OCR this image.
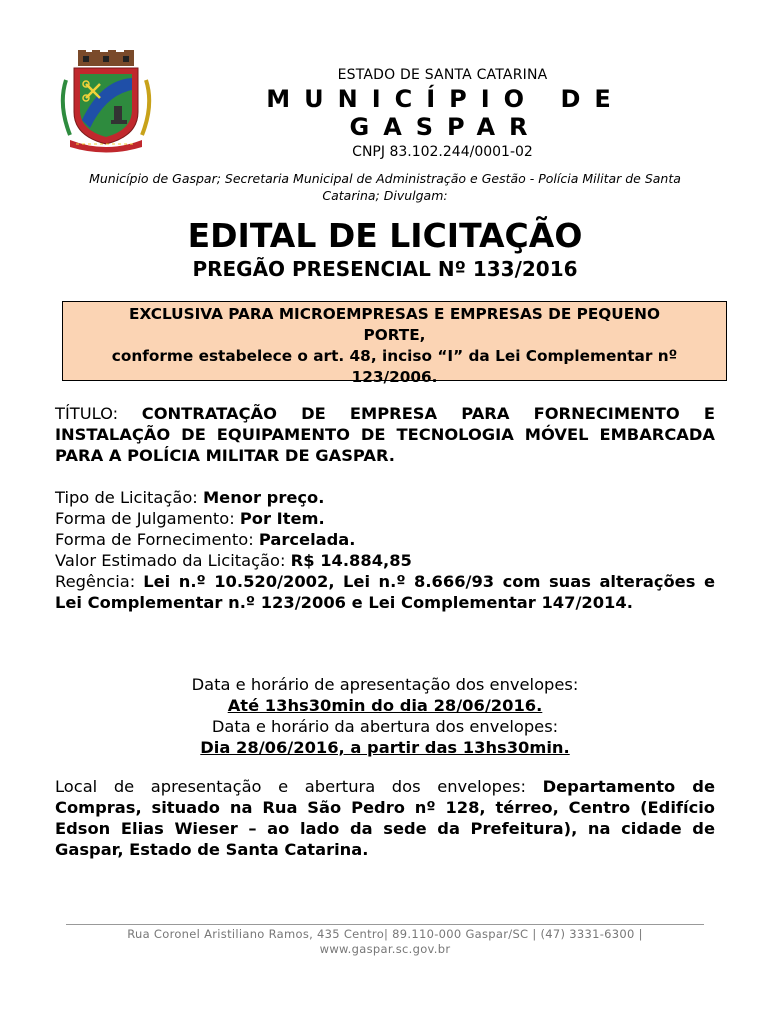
ESTADO DE SANTA CATARINA
MUNICÍPIO DE GASPAR
CNPJ 83.102.244/0001-02
Município de Gaspar; Secretaria Municipal de Administração e Gestão - Polícia Militar de Santa Catarina; Divulgam:
EDITAL DE LICITAÇÃO
PREGÃO PRESENCIAL Nº 133/2016
EXCLUSIVA PARA MICROEMPRESAS E EMPRESAS DE PEQUENO PORTE,
conforme estabelece o art. 48, inciso “I” da Lei Complementar nº 123/2006.
TÍTULO: CONTRATAÇÃO DE EMPRESA PARA FORNECIMENTO E INSTALAÇÃO DE EQUIPAMENTO DE TECNOLOGIA MÓVEL EMBARCADA PARA A POLÍCIA MILITAR DE GASPAR.
Tipo de Licitação: Menor preço.
Forma de Julgamento: Por Item.
Forma de Fornecimento: Parcelada.
Valor Estimado da Licitação: R$ 14.884,85
Regência: Lei n.º 10.520/2002, Lei n.º 8.666/93 com suas alterações e Lei Complementar n.º 123/2006 e Lei Complementar 147/2014.
Data e horário de apresentação dos envelopes:
Até 13hs30min do dia 28/06/2016.
Data e horário da abertura dos envelopes:
Dia 28/06/2016, a partir das 13hs30min.
Local de apresentação e abertura dos envelopes: Departamento de Compras, situado na Rua São Pedro nº 128, térreo, Centro (Edifício Edson Elias Wieser – ao lado da sede da Prefeitura), na cidade de Gaspar, Estado de Santa Catarina.
Rua Coronel Aristiliano Ramos, 435 Centro| 89.110-000 Gaspar/SC | (47) 3331-6300 |
www.gaspar.sc.gov.br
